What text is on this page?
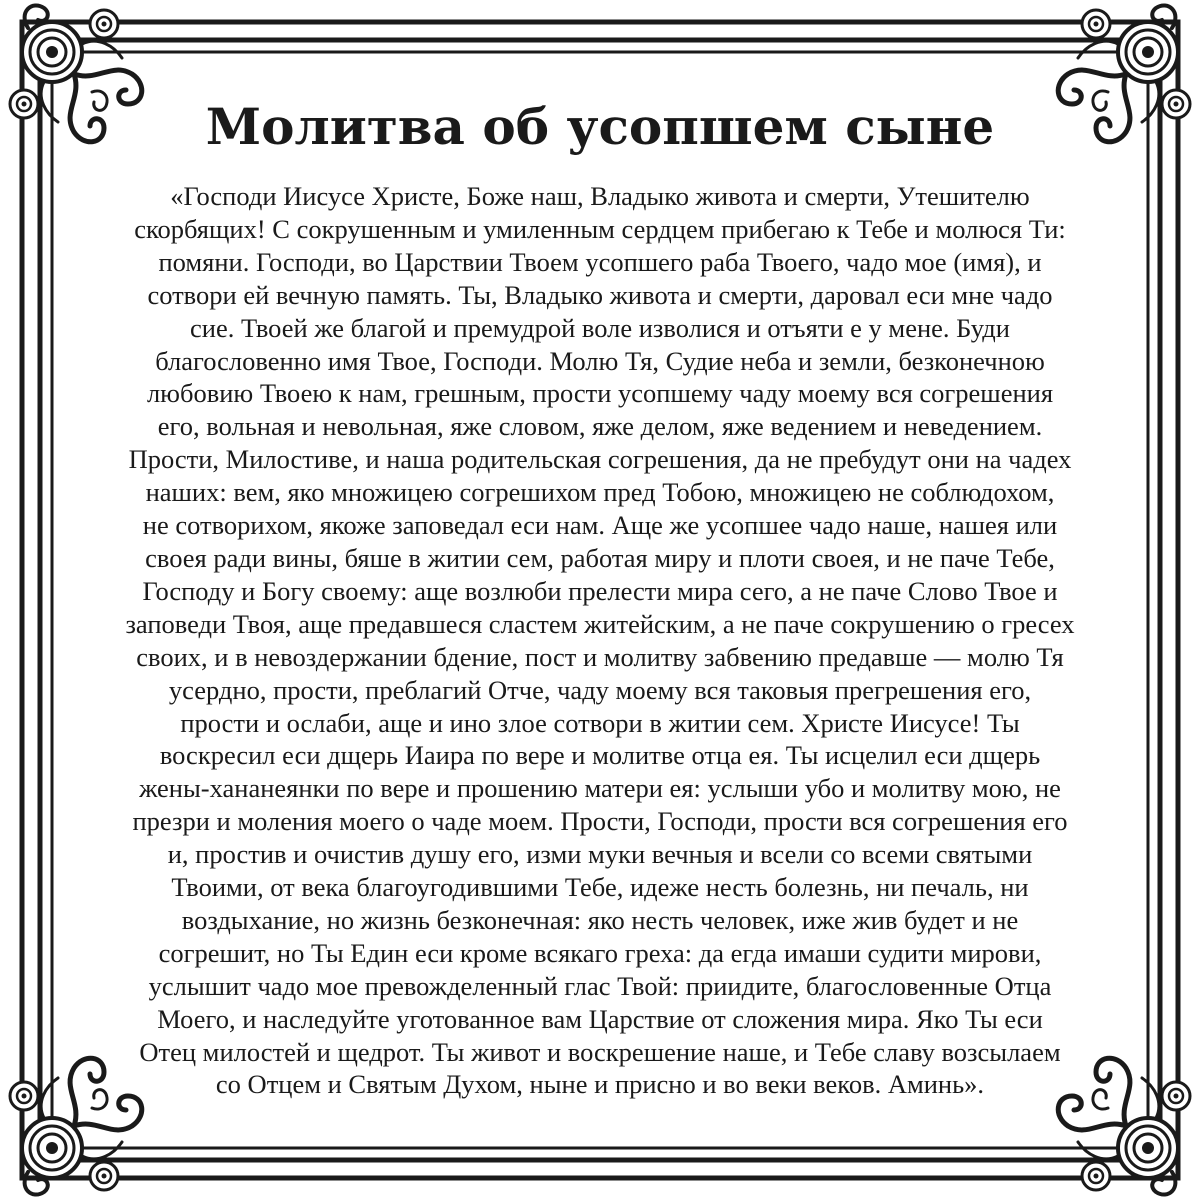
Молитва об усопшем сыне
«Господи Иисусе Христе, Боже наш, Владыко живота и смерти, Утешителю
скорбящих! С сокрушенным и умиленным сердцем прибегаю к Тебе и молюся Ти:
помяни. Господи, во Царствии Твоем усопшего раба Твоего, чадо мое (имя), и
сотвори ей вечную память. Ты, Владыко живота и смерти, даровал еси мне чадо
сие. Твоей же благой и премудрой воле изволися и отъяти е у мене. Буди
благословенно имя Твое, Господи. Молю Тя, Судие неба и земли, безконечною
любовию Твоею к нам, грешным, прости усопшему чаду моему вся согрешения
его, вольная и невольная, яже словом, яже делом, яже ведением и неведением.
Прости, Милостиве, и наша родительская согрешения, да не пребудут они на чадех
наших: вем, яко множицею согрешихом пред Тобою, множицею не соблюдохом,
не сотворихом, якоже заповедал еси нам. Аще же усопшее чадо наше, нашея или
своея ради вины, бяше в житии сем, работая миру и плоти своея, и не паче Тебе,
Господу и Богу своему: аще возлюби прелести мира сего, а не паче Слово Твое и
заповеди Твоя, аще предавшеся сластем житейским, а не паче сокрушению о гресех
своих, и в невоздержании бдение, пост и молитву забвению предавше — молю Тя
усердно, прости, преблагий Отче, чаду моему вся таковыя прегрешения его,
прости и ослаби, аще и ино злое сотвори в житии сем. Христе Иисусе! Ты
воскресил еси дщерь Иаира по вере и молитве отца ея. Ты исцелил еси дщерь
жены-хананеянки по вере и прошению матери ея: услыши убо и молитву мою, не
презри и моления моего о чаде моем. Прости, Господи, прости вся согрешения его
и, простив и очистив душу его, изми муки вечныя и всели со всеми святыми
Твоими, от века благоугодившими Тебе, идеже несть болезнь, ни печаль, ни
воздыхание, но жизнь безконечная: яко несть человек, иже жив будет и не
согрешит, но Ты Един еси кроме всякаго греха: да егда имаши судити мирови,
услышит чадо мое превожделенный глас Твой: приидите, благословенные Отца
Моего, и наследуйте уготованное вам Царствие от сложения мира. Яко Ты еси
Отец милостей и щедрот. Ты живот и воскрешение наше, и Тебе славу возсылаем
со Отцем и Святым Духом, ныне и присно и во веки веков. Аминь».
